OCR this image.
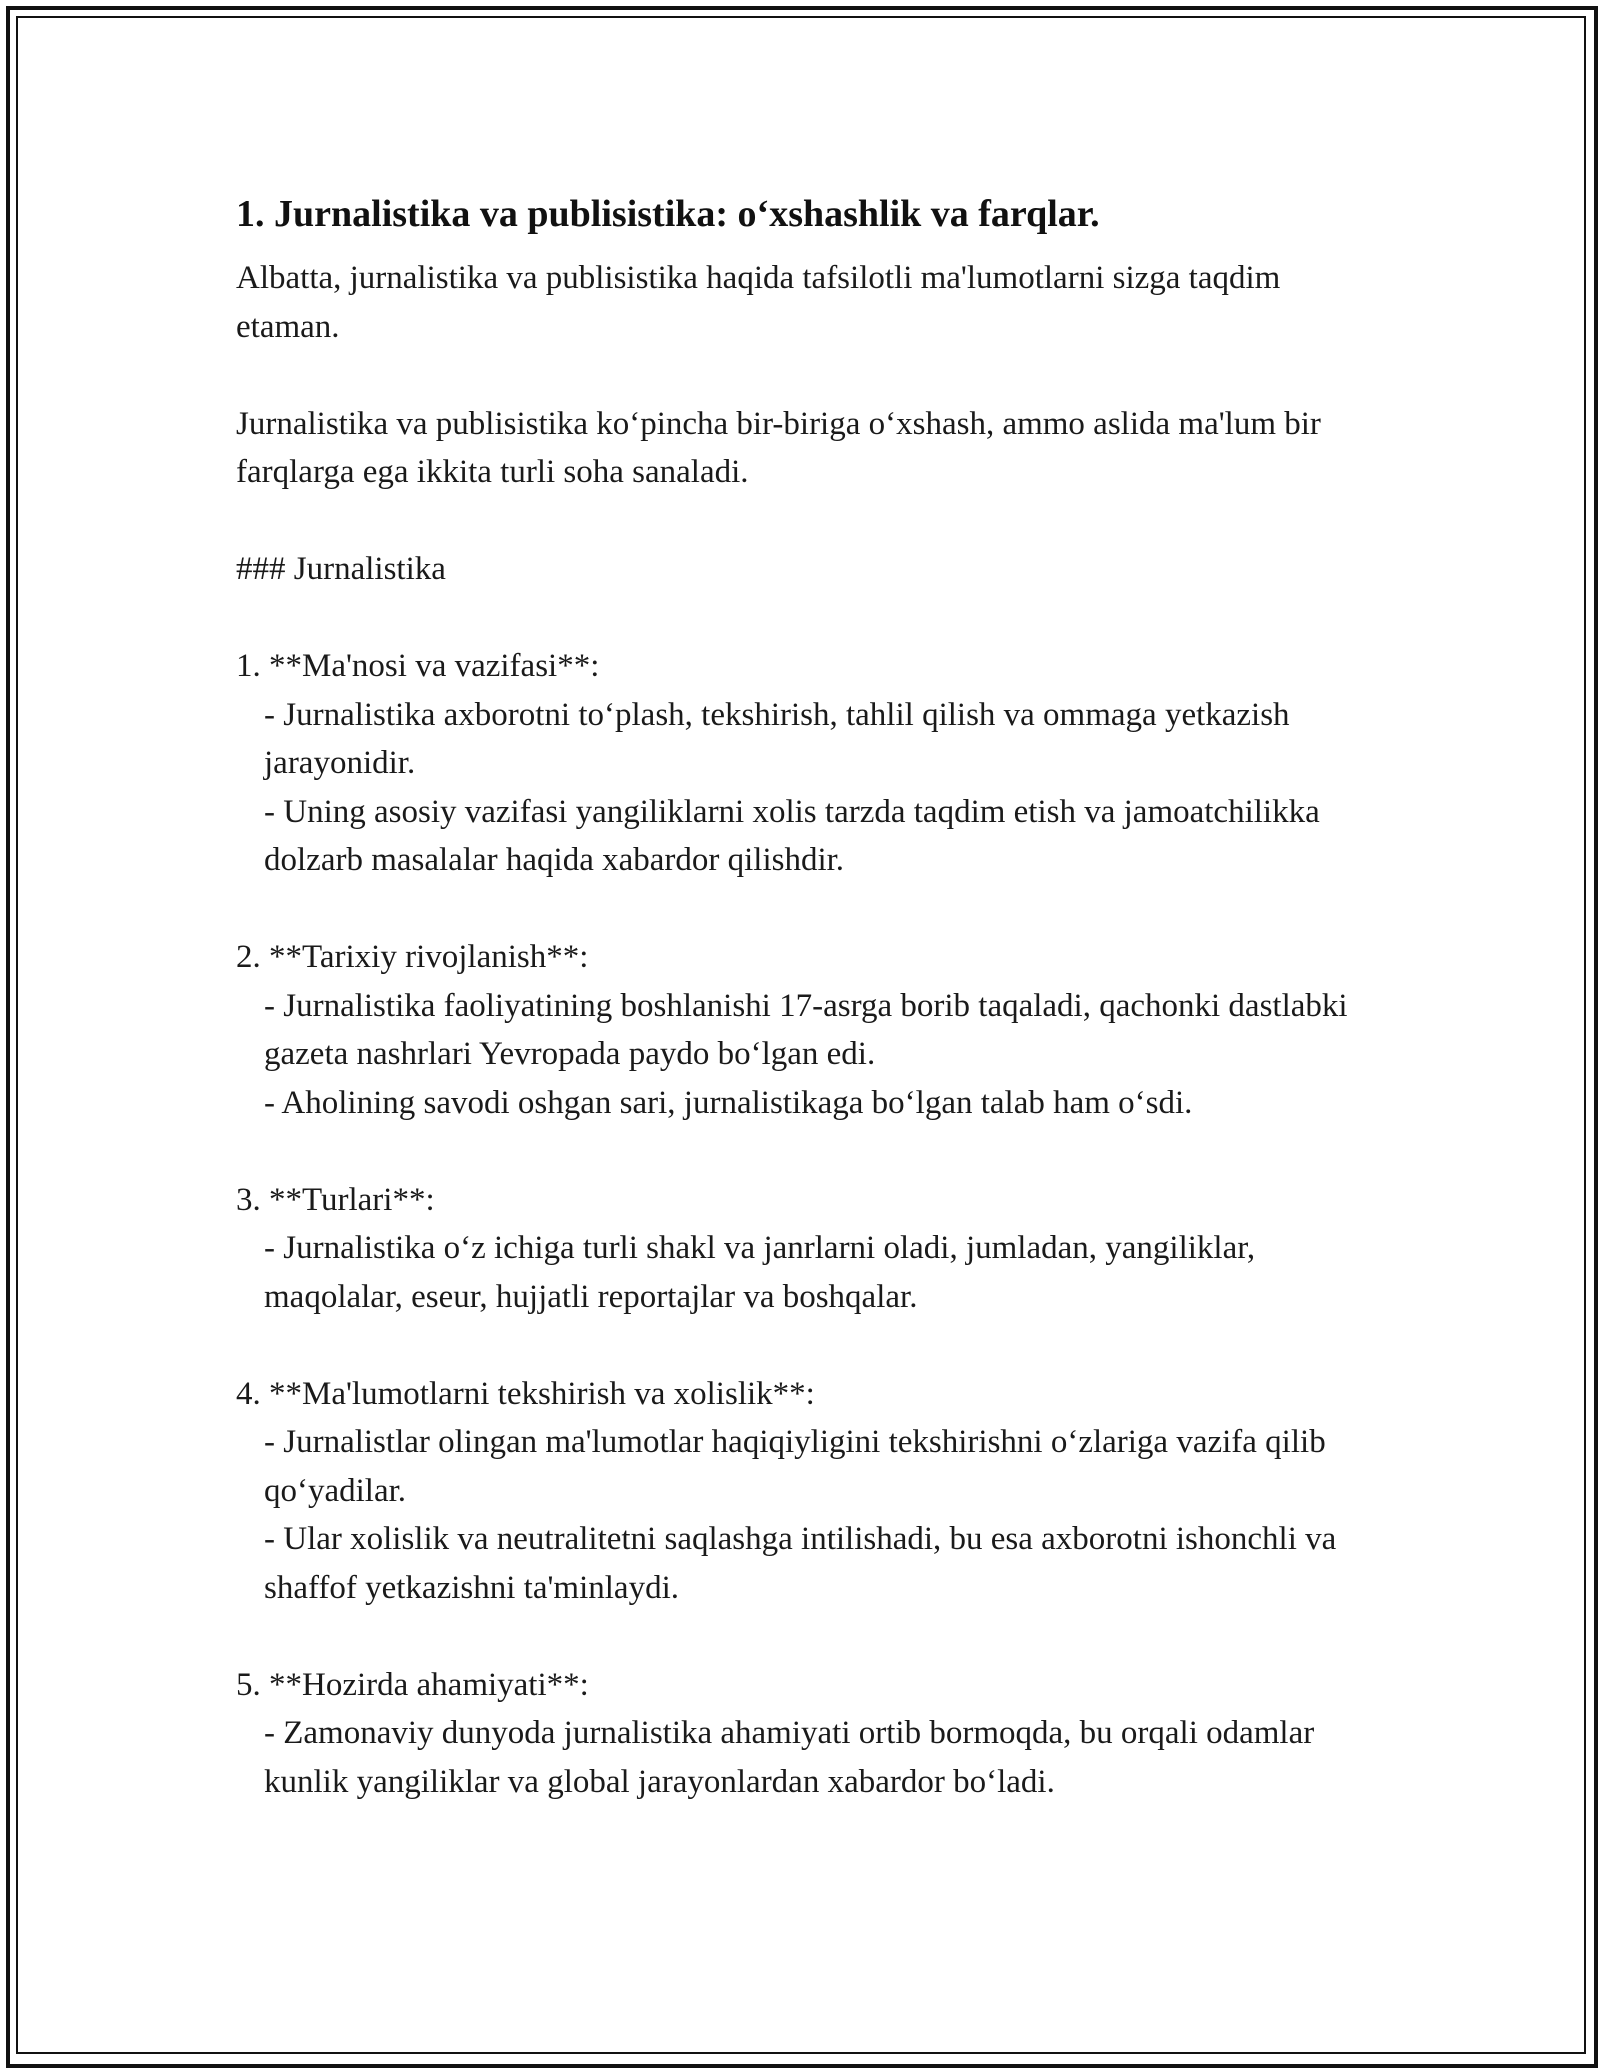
1. Jurnalistika va publisistika: o‘xshashlik va farqlar.

Albatta, jurnalistika va publisistika haqida tafsilotli ma'lumotlarni sizga taqdim etaman.

Jurnalistika va publisistika ko‘pincha bir-biriga o‘xshash, ammo aslida ma'lum bir farqlarga ega ikkita turli soha sanaladi.

### Jurnalistika

1. **Ma'nosi va vazifasi**:

- Jurnalistika axborotni to‘plash, tekshirish, tahlil qilish va ommaga yetkazish jarayonidir.

- Uning asosiy vazifasi yangiliklarni xolis tarzda taqdim etish va jamoatchilikka dolzarb masalalar haqida xabardor qilishdir.

2. **Tarixiy rivojlanish**:

- Jurnalistika faoliyatining boshlanishi 17-asrga borib taqaladi, qachonki dastlabki gazeta nashrlari Yevropada paydo bo‘lgan edi.

- Aholining savodi oshgan sari, jurnalistikaga bo‘lgan talab ham o‘sdi.

3. **Turlari**:

- Jurnalistika o‘z ichiga turli shakl va janrlarni oladi, jumladan, yangiliklar, maqolalar, eseur, hujjatli reportajlar va boshqalar.

4. **Ma'lumotlarni tekshirish va xolislik**:

- Jurnalistlar olingan ma'lumotlar haqiqiyligini tekshirishni o‘zlariga vazifa qilib qo‘yadilar.

- Ular xolislik va neutralitetni saqlashga intilishadi, bu esa axborotni ishonchli va shaffof yetkazishni ta'minlaydi.

5. **Hozirda ahamiyati**:

- Zamonaviy dunyoda jurnalistika ahamiyati ortib bormoqda, bu orqali odamlar kunlik yangiliklar va global jarayonlardan xabardor bo‘ladi.
